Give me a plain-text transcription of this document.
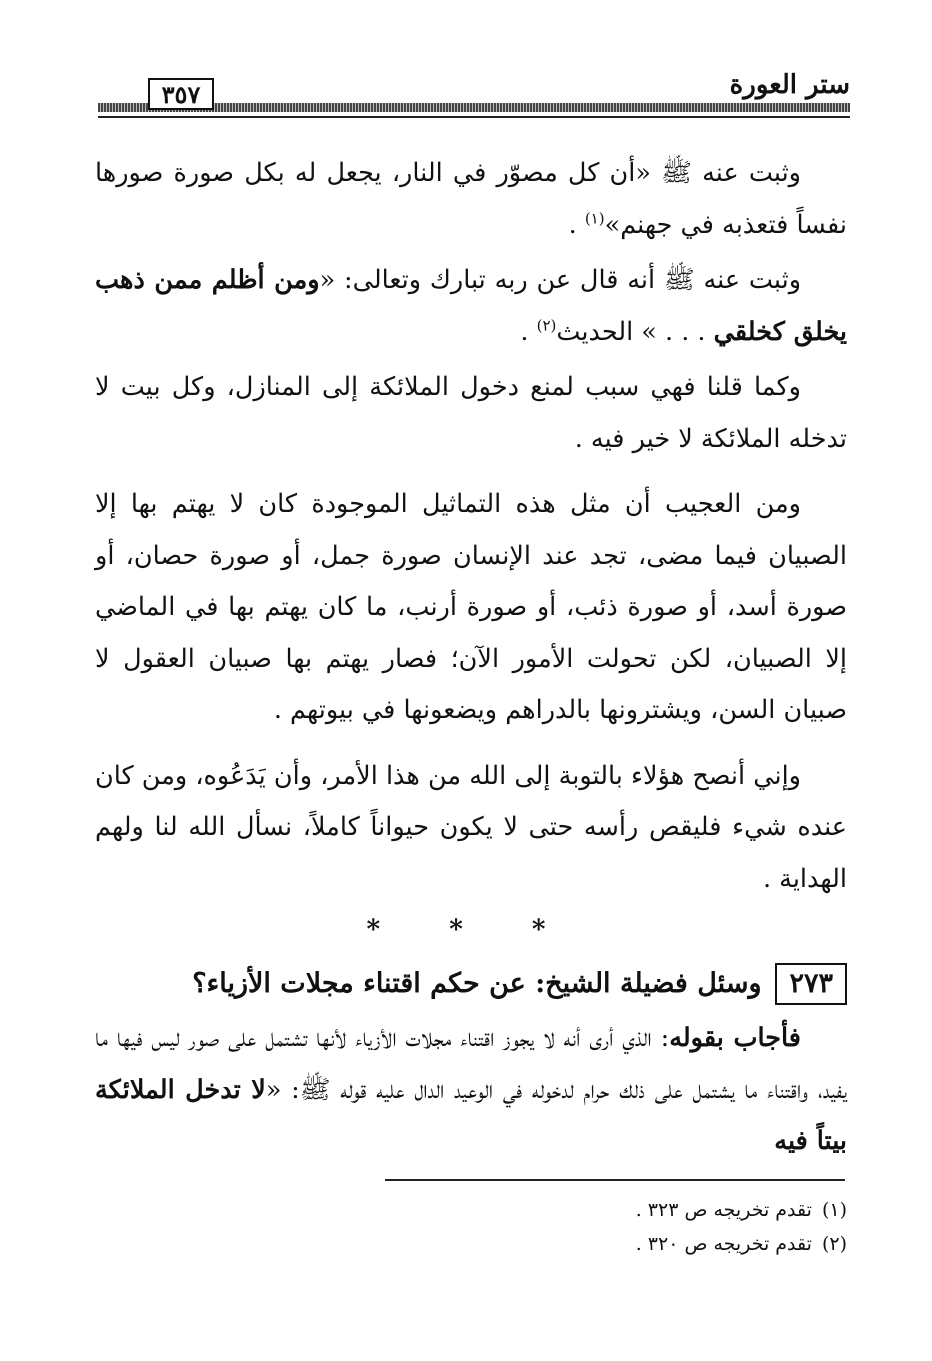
٣٥٧	ستر العورة

وثبت عنه ﷺ «أن كل مصوّر في النار، يجعل له بكل صورة صورها نفساً فتعذبه في جهنم»$^{(١)}$ .

وثبت عنه ﷺ أنه قال عن ربه تبارك وتعالى: «ومن أظلم ممن ذهب يخلق كخلقي . . . » الحديث$^{(٢)}$ .

وكما قلنا فهي سبب لمنع دخول الملائكة إلى المنازل، وكل بيت لا تدخله الملائكة لا خير فيه .

ومن العجيب أن مثل هذه التماثيل الموجودة كان لا يهتم بها إلا الصبيان فيما مضى، تجد عند الإنسان صورة جمل، أو صورة حصان، أو صورة أسد، أو صورة ذئب، أو صورة أرنب، ما كان يهتم بها في الماضي إلا الصبيان، لكن تحولت الأمور الآن؛ فصار يهتم بها صبيان العقول لا صبيان السن، ويشترونها بالدراهم ويضعونها في بيوتهم .

وإني أنصح هؤلاء بالتوبة إلى الله من هذا الأمر، وأن يَدَعُوه، ومن كان عنده شيء فليقص رأسه حتى لا يكون حيواناً كاملاً، نسأل الله لنا ولهم الهداية .

* * *
٢٧٣
وسئل فضيلة الشيخ: عن حكم اقتناء مجلات الأزياء؟

فأجاب بقوله: الذي أرى أنه لا يجوز اقتناء مجلات الأزياء لأنها تشتمل على صور ليس فيها ما يفيد، واقتناء ما يشتمل على ذلك حرام لدخوله في الوعيد الدال عليه قوله ﷺ: «لا تدخل الملائكة بيتاً فيه

(١)
تقدم تخريجه ص ٣٢٣ .
(٢)
تقدم تخريجه ص ٣٢٠ .
